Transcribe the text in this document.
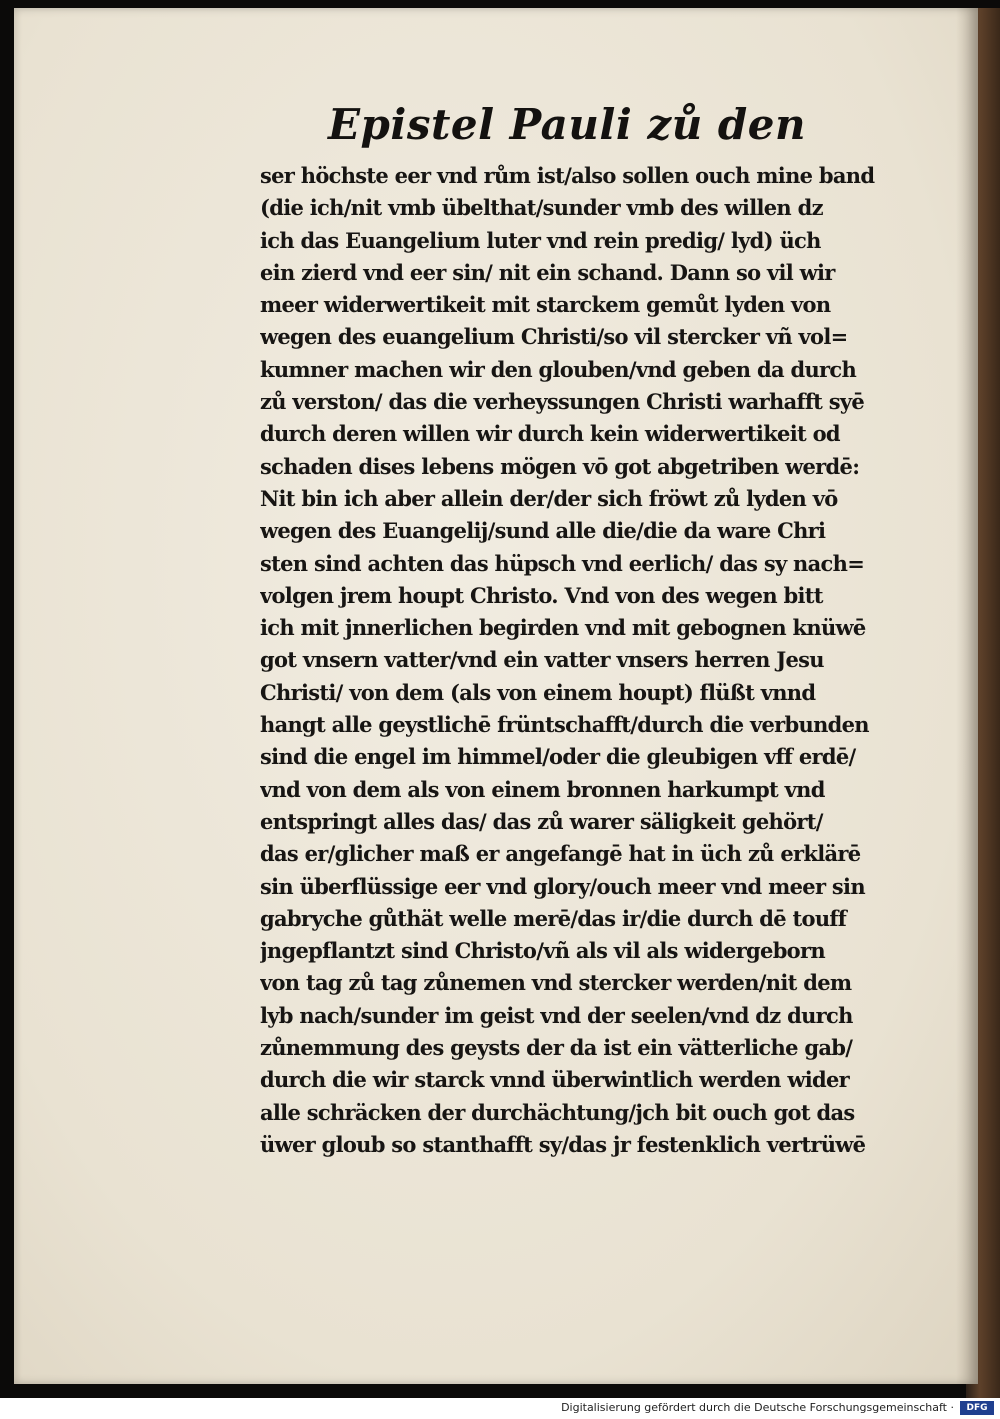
Epistel Pauli zů den
ser höchste eer vnd rům ist/also sollen ouch mine band
(die ich/nit vmb übelthat/sunder vmb des willen dz
ich das Euangelium luter vnd rein predig/ lyd) üch
ein zierd vnd eer sin/ nit ein schand. Dann so vil wir
meer widerwertikeit mit starckem gemůt lyden von
wegen des euangelium Christi/so vil stercker vñ vol=
kumner machen wir den glouben/vnd geben da durch
zů verston/ das die verheyssungen Christi warhafft syē
durch deren willen wir durch kein widerwertikeit od
schaden dises lebens mögen vō got abgetriben werdē:
Nit bin ich aber allein der/der sich fröwt zů lyden vō
wegen des Euangelij/sund alle die/die da ware Chri
sten sind achten das hüpsch vnd eerlich/ das sy nach=
volgen jrem houpt Christo. Vnd von des wegen bitt
ich mit jnnerlichen begirden vnd mit gebognen knüwē
got vnsern vatter/vnd ein vatter vnsers herren Jesu
Christi/ von dem (als von einem houpt) flüßt vnnd
hangt alle geystlichē früntschafft/durch die verbunden
sind die engel im himmel/oder die gleubigen vff erdē/
vnd von dem als von einem bronnen harkumpt vnd
entspringt alles das/ das zů warer säligkeit gehört/
das er/glicher maß er angefangē hat in üch zů erklärē
sin überflüssige eer vnd glory/ouch meer vnd meer sin
gabryche gůthät welle merē/das ir/die durch dē touff
jngepflantzt sind Christo/vñ als vil als widergeborn
von tag zů tag zůnemen vnd stercker werden/nit dem
lyb nach/sunder im geist vnd der seelen/vnd dz durch
zůnemmung des geysts der da ist ein vätterliche gab/
durch die wir starck vnnd überwintlich werden wider
alle schräcken der durchächtung/jch bit ouch got das
üwer gloub so stanthafft sy/das jr festenklich vertrüwē
Digitalisierung gefördert durch die Deutsche Forschungsgemeinschaft ·	DFG
